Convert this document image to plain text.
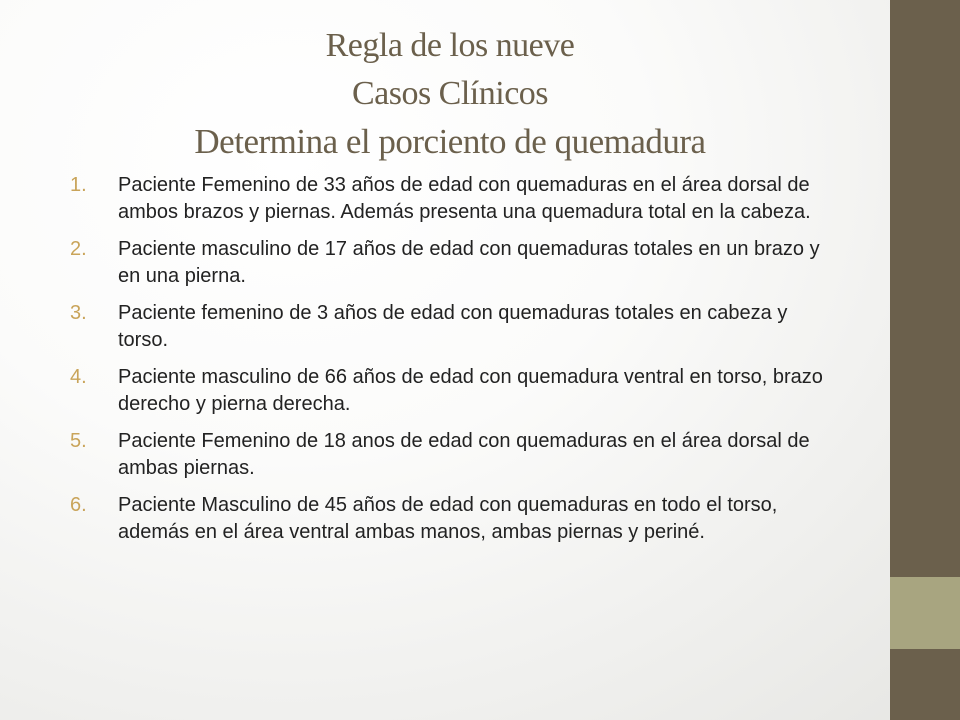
Regla de los nueve
Casos Clínicos
Determina el porciento de quemadura
1. Paciente Femenino de 33 años de edad con quemaduras en el área dorsal de ambos brazos y piernas. Además presenta una quemadura total en la cabeza.
2. Paciente masculino de 17 años de edad con quemaduras totales en un brazo y en una pierna.
3. Paciente femenino de 3 años de edad con quemaduras totales en cabeza y torso.
4. Paciente masculino de 66 años de edad con quemadura ventral en torso, brazo derecho y pierna derecha.
5. Paciente Femenino de 18 anos de edad con quemaduras en el área dorsal de ambas piernas.
6. Paciente Masculino de 45 años de edad con quemaduras en todo el torso, además en el área ventral ambas manos, ambas piernas y periné.
